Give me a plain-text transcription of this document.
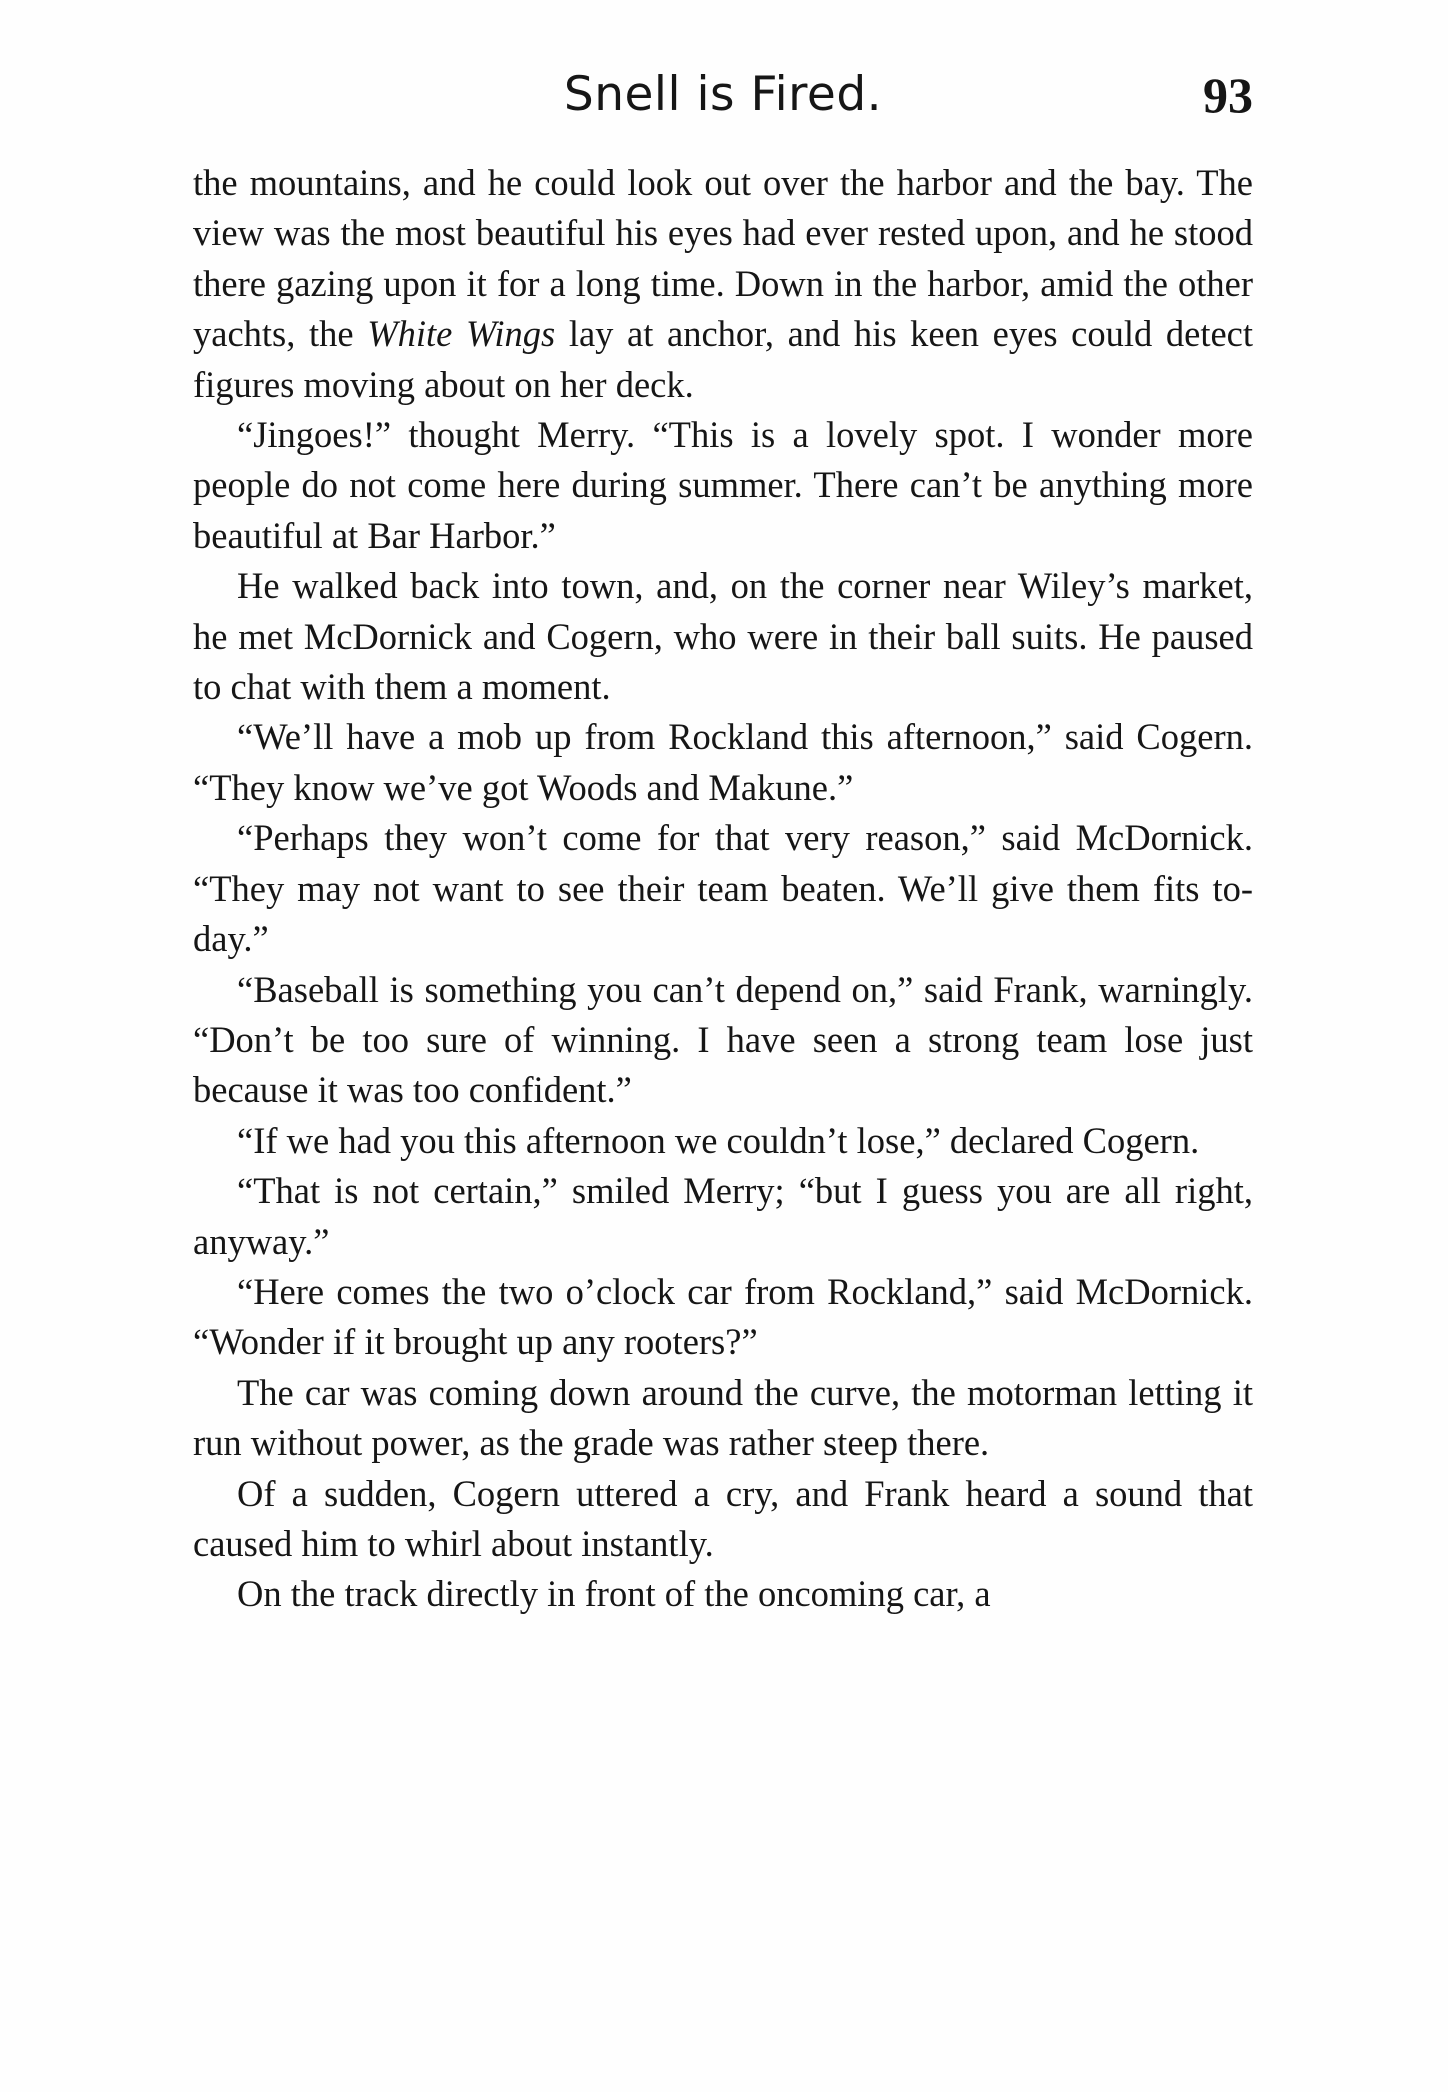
Snell is Fired.	93

the mountains, and he could look out over the harbor and the bay. The view was the most beautiful his eyes had ever rested upon, and he stood there gazing upon it for a long time. Down in the harbor, amid the other yachts, the White Wings lay at anchor, and his keen eyes could detect figures moving about on her deck.

“Jingoes!” thought Merry. “This is a lovely spot. I wonder more people do not come here during summer. There can’t be anything more beautiful at Bar Harbor.”

He walked back into town, and, on the corner near Wiley’s market, he met McDornick and Cogern, who were in their ball suits. He paused to chat with them a moment.

“We’ll have a mob up from Rockland this afternoon,” said Cogern. “They know we’ve got Woods and Makune.”

“Perhaps they won’t come for that very reason,” said McDornick. “They may not want to see their team beaten. We’ll give them fits to-day.”

“Baseball is something you can’t depend on,” said Frank, warningly. “Don’t be too sure of winning. I have seen a strong team lose just because it was too confident.”

“If we had you this afternoon we couldn’t lose,” declared Cogern.

“That is not certain,” smiled Merry; “but I guess you are all right, anyway.”

“Here comes the two o’clock car from Rockland,” said McDornick. “Wonder if it brought up any rooters?”

The car was coming down around the curve, the motorman letting it run without power, as the grade was rather steep there.

Of a sudden, Cogern uttered a cry, and Frank heard a sound that caused him to whirl about instantly.

On the track directly in front of the oncoming car, a
